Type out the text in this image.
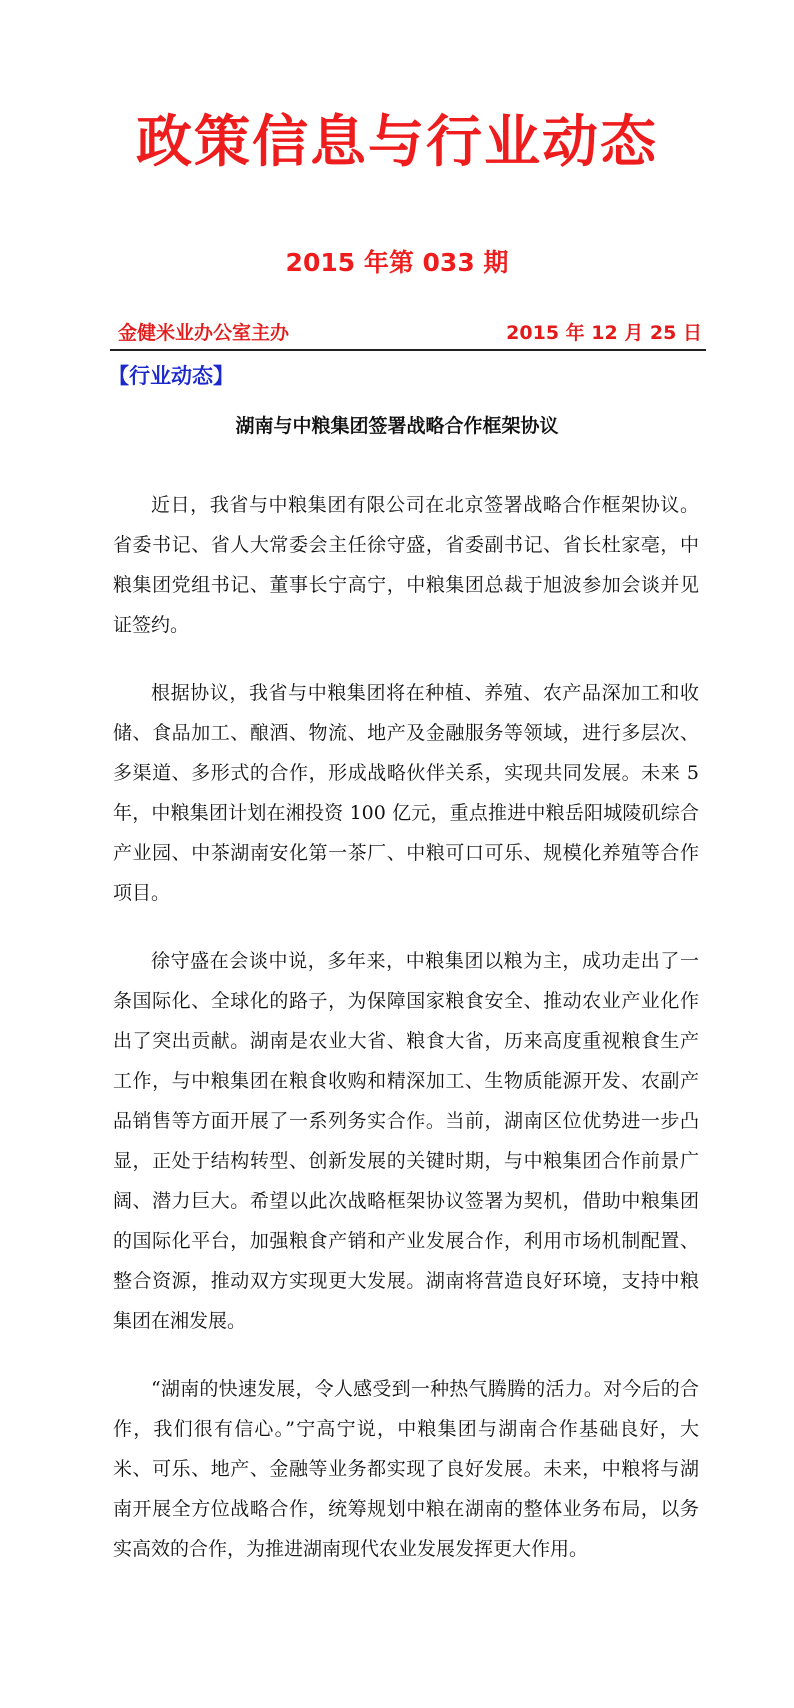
政策信息与行业动态
2015 年第 033 期
金健米业办公室主办	2015 年 12 月 25 日
【行业动态】
湖南与中粮集团签署战略合作框架协议

近日，我省与中粮集团有限公司在北京签署战略合作框架协议。省委书记、省人大常委会主任徐守盛，省委副书记、省长杜家亳，中粮集团党组书记、董事长宁高宁，中粮集团总裁于旭波参加会谈并见证签约。

根据协议，我省与中粮集团将在种植、养殖、农产品深加工和收储、食品加工、酿酒、物流、地产及金融服务等领域，进行多层次、多渠道、多形式的合作，形成战略伙伴关系，实现共同发展。未来 5 年，中粮集团计划在湘投资 100 亿元，重点推进中粮岳阳城陵矶综合产业园、中茶湖南安化第一茶厂、中粮可口可乐、规模化养殖等合作项目。

徐守盛在会谈中说，多年来，中粮集团以粮为主，成功走出了一条国际化、全球化的路子，为保障国家粮食安全、推动农业产业化作出了突出贡献。湖南是农业大省、粮食大省，历来高度重视粮食生产工作，与中粮集团在粮食收购和精深加工、生物质能源开发、农副产品销售等方面开展了一系列务实合作。当前，湖南区位优势进一步凸显，正处于结构转型、创新发展的关键时期，与中粮集团合作前景广阔、潜力巨大。希望以此次战略框架协议签署为契机，借助中粮集团的国际化平台，加强粮食产销和产业发展合作，利用市场机制配置、整合资源，推动双方实现更大发展。湖南将营造良好环境，支持中粮集团在湘发展。

“湖南的快速发展，令人感受到一种热气腾腾的活力。对今后的合作，我们很有信心。”宁高宁说，中粮集团与湖南合作基础良好，大米、可乐、地产、金融等业务都实现了良好发展。未来，中粮将与湖南开展全方位战略合作，统筹规划中粮在湖南的整体业务布局，以务实高效的合作，为推进湖南现代农业发展发挥更大作用。
